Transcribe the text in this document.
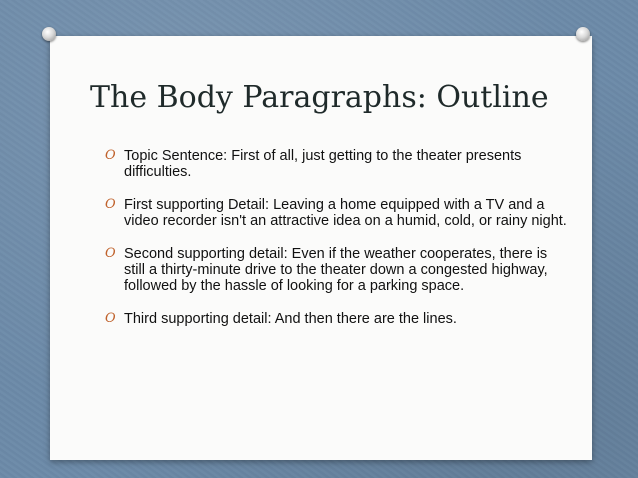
The Body Paragraphs: Outline
O Topic Sentence: First of all, just getting to the theater presents difficulties.
O First supporting Detail: Leaving a home equipped with a TV and a video recorder isn't an attractive idea on a humid, cold, or rainy night.
O Second supporting detail: Even if the weather cooperates, there is still a thirty-minute drive to the theater down a congested highway, followed by the hassle of looking for a parking space.
O Third supporting detail: And then there are the lines.
